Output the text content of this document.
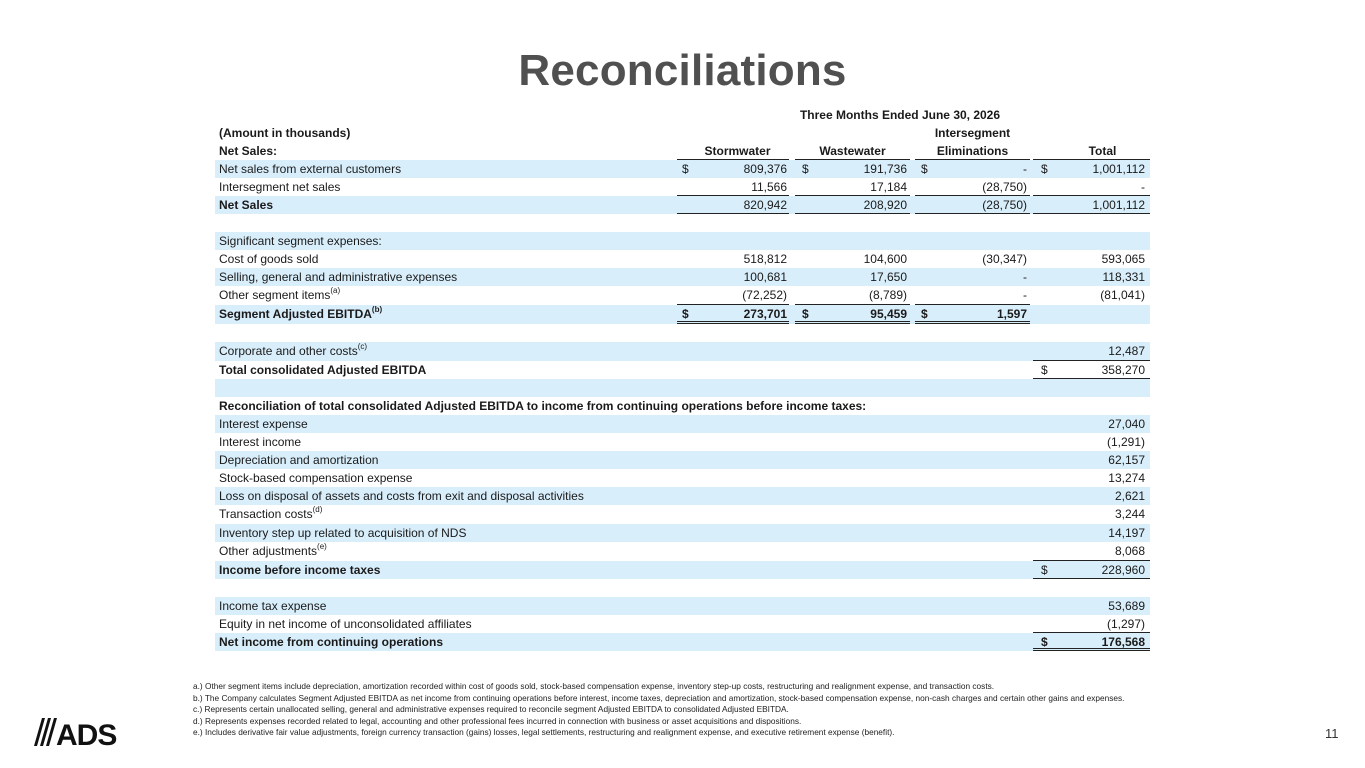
Reconciliations
Three Months Ended June 30, 2026
(Amount in thousands)	Intersegment
Net Sales:	Stormwater	Wastewater	Eliminations	Total
Net sales from external customers	$	809,376 $	191,736 $	- $	1,001,112
Intersegment net sales	11,566	17,184	(28,750)	-
Net Sales	820,942	208,920	(28,750)	1,001,112
Significant segment expenses:
Cost of goods sold	518,812	104,600	(30,347)	593,065
Selling, general and administrative expenses	100,681	17,650	-	118,331
Other segment items$^{(a)}$	(72,252)	(8,789)	-	(81,041)
Segment Adjusted EBITDA$^{(b)}$	$	273,701 $	95,459 $	1,597
Corporate and other costs$^{(c)}$	12,487
Total consolidated Adjusted EBITDA	$	358,270
Reconciliation of total consolidated Adjusted EBITDA to income from continuing operations before income taxes:
Interest expense	27,040
Interest income	(1,291)
Depreciation and amortization	62,157
Stock-based compensation expense	13,274
Loss on disposal of assets and costs from exit and disposal activities	2,621
Transaction costs$^{(d)}$	3,244
Inventory step up related to acquisition of NDS	14,197
Other adjustments$^{(e)}$	8,068
Income before income taxes	$	228,960
Income tax expense	53,689
Equity in net income of unconsolidated affiliates	(1,297)
Net income from continuing operations	$	176,568
a.) Other segment items include depreciation, amortization recorded within cost of goods sold, stock-based compensation expense, inventory step-up costs, restructuring and realignment expense, and transaction costs.
b.) The Company calculates Segment Adjusted EBITDA as net income from continuing operations before interest, income taxes, depreciation and amortization, stock-based compensation expense, non-cash charges and certain other gains and expenses.
c.) Represents certain unallocated selling, general and administrative expenses required to reconcile segment Adjusted EBITDA to consolidated Adjusted EBITDA.
d.) Represents expenses recorded related to legal, accounting and other professional fees incurred in connection with business or asset acquisitions and dispositions.
e.) Includes derivative fair value adjustments, foreign currency transaction (gains) losses, legal settlements, restructuring and realignment expense, and executive retirement expense (benefit).
ADS	11
